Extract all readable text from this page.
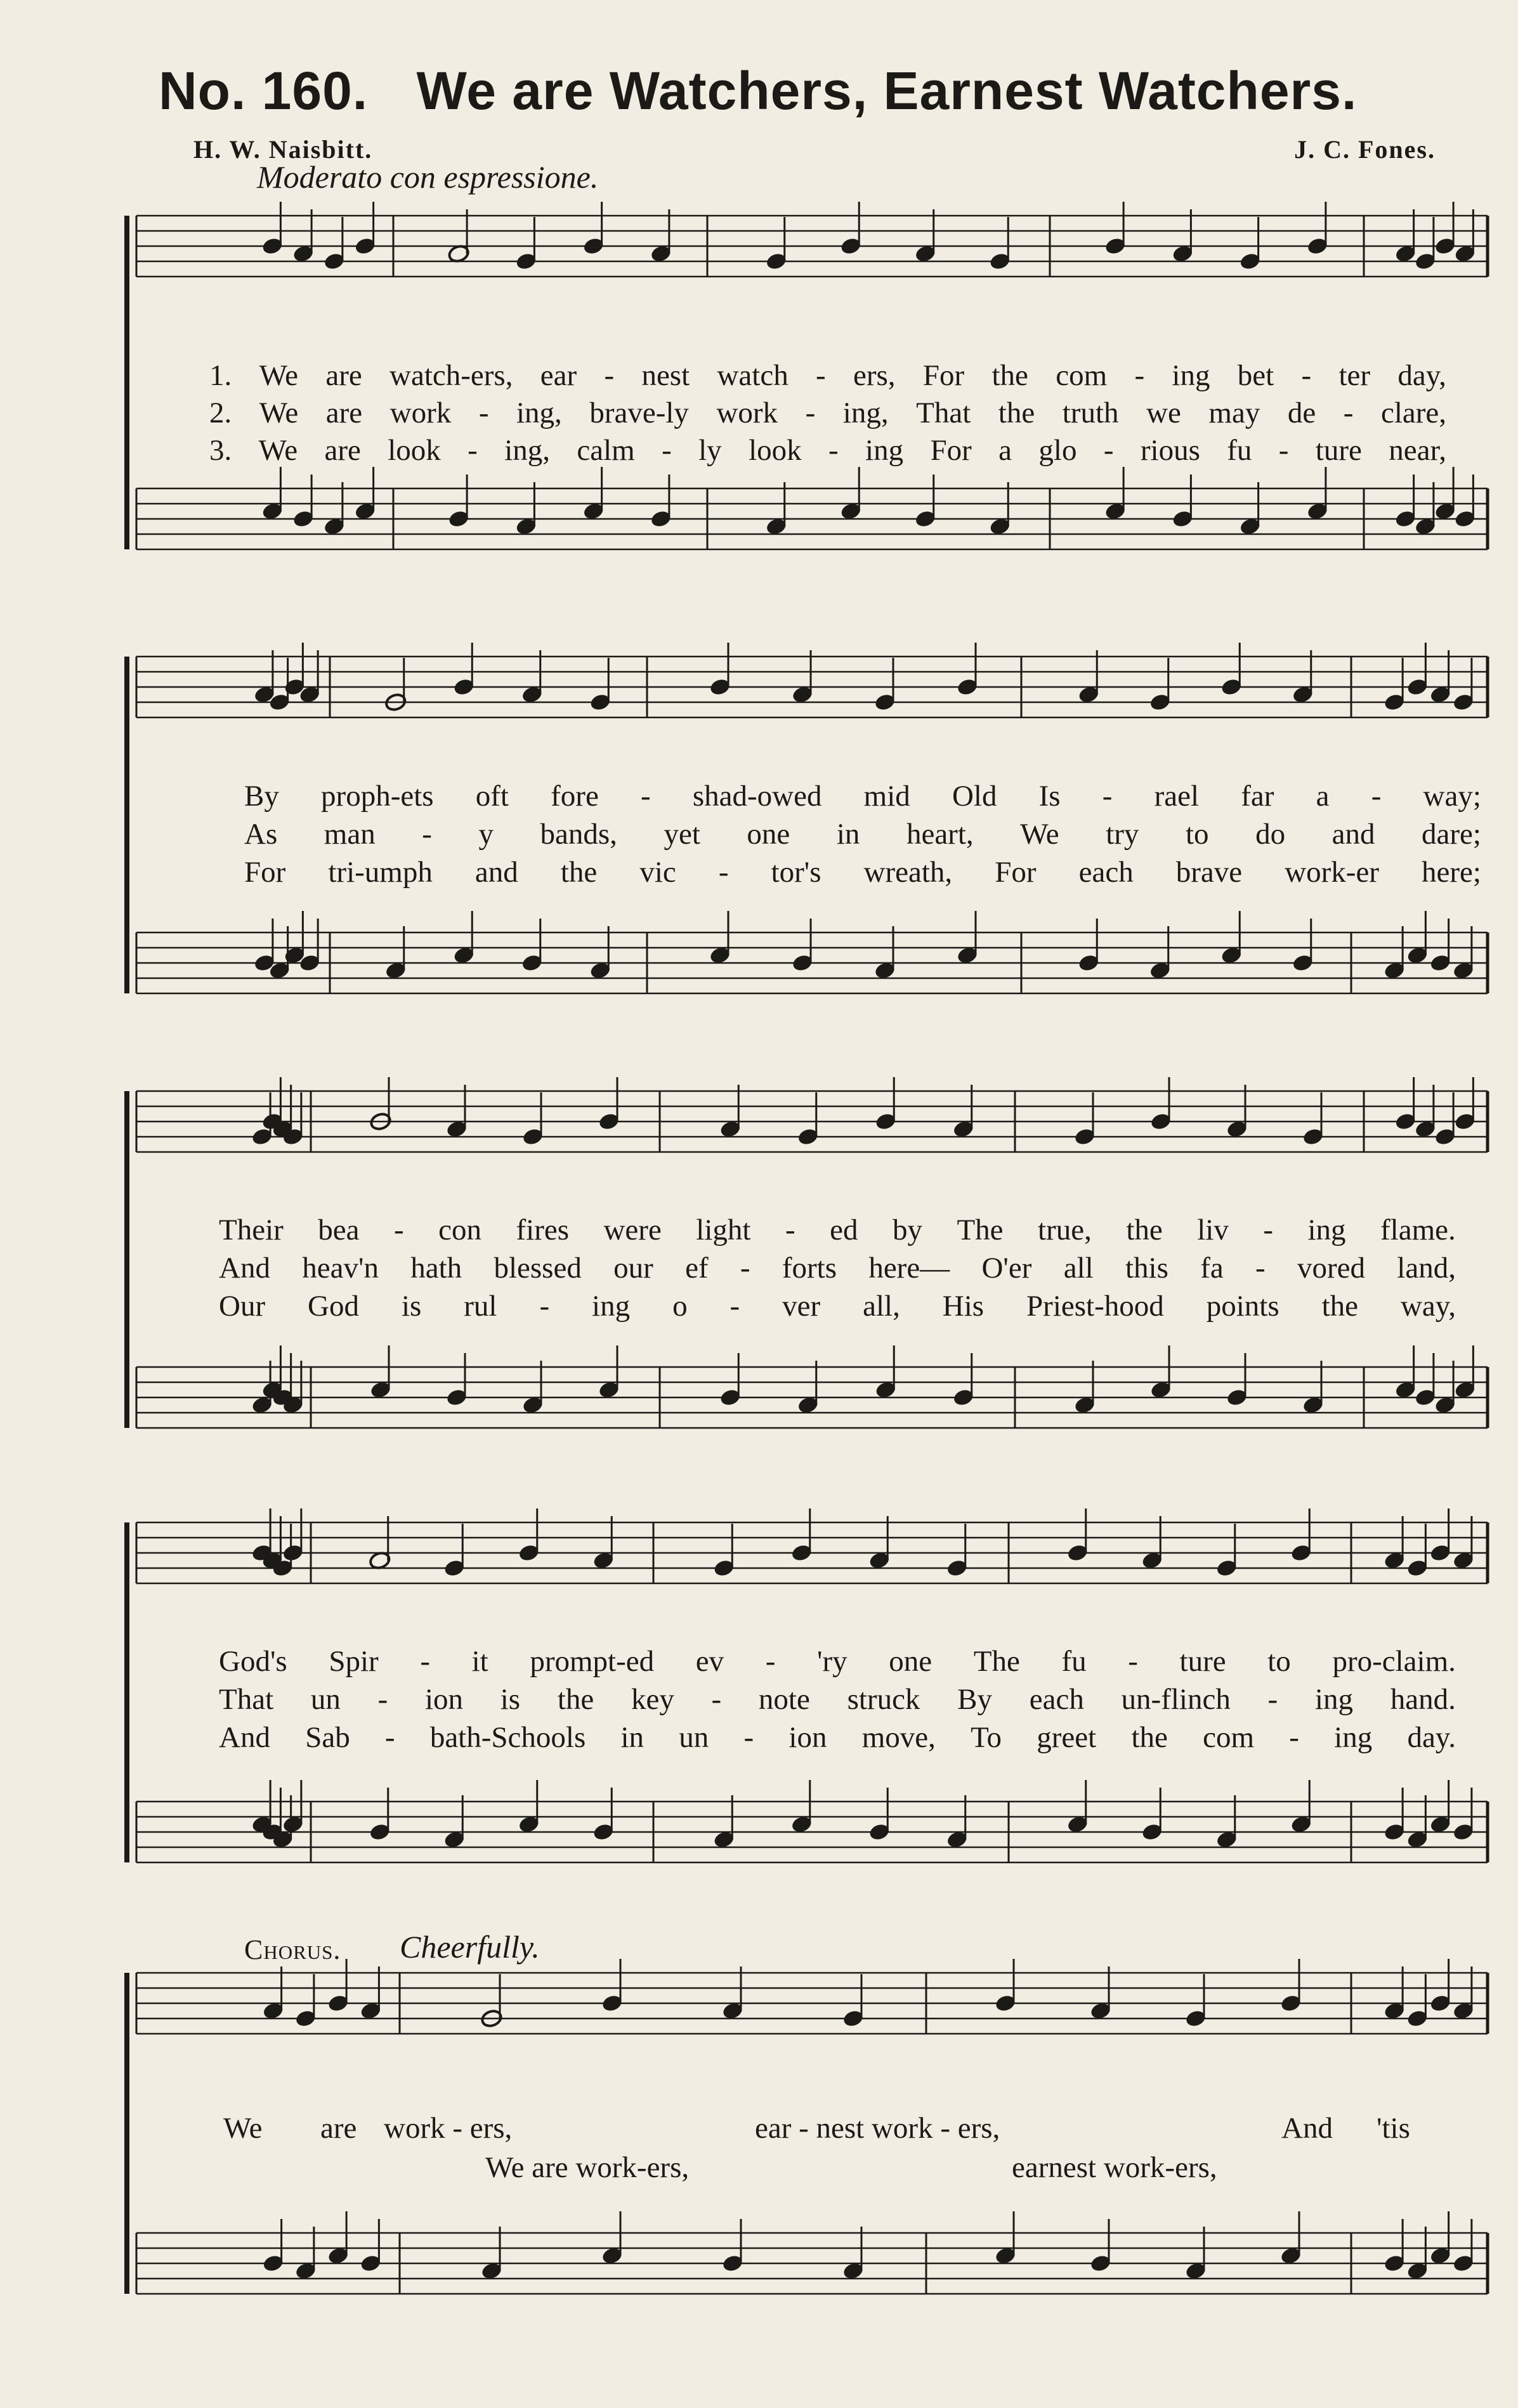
No. 160. We are Watchers, Earnest Watchers.
H. W. Naisbitt.	J. C. Fones.
Moderato con espressione.
1. We are watch-ers, ear - nest watch - ers, For the com - ing bet - ter day,
2. We are work - ing, brave-ly work - ing, That the truth we may de - clare,
3. We are look - ing, calm - ly look - ing For a glo - rious fu - ture near,
By proph-ets oft fore - shad-owed mid Old Is - rael far a - way;
As man - y bands, yet one in heart, We try to do and dare;
For tri-umph and the vic - tor's wreath, For each brave work-er here;
Their bea - con fires were light - ed by The true, the liv - ing flame.
And heav'n hath blessed our ef - forts here— O'er all this fa - vored land,
Our God is rul - ing o - ver all, His Priest-hood points the way,
God's Spir - it prompt-ed ev - 'ry one The fu - ture to pro-claim.
That un - ion is the key - note struck By each un-flinch - ing hand.
And Sab - bath-Schools in un - ion move, To greet the com - ing day.
Chorus. Cheerfully.
We are work - ers,	ear - nest work - ers,	And 'tis
We are work-ers,	earnest work-ers,
